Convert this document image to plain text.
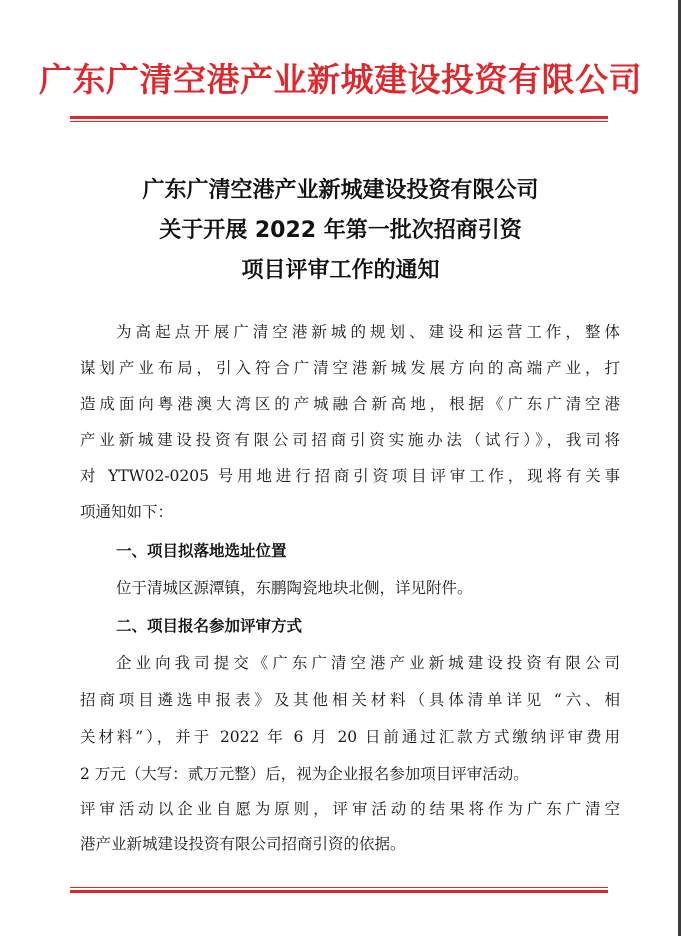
广东广清空港产业新城建设投资有限公司
广东广清空港产业新城建设投资有限公司
关于开展 2022 年第一批次招商引资
项目评审工作的通知
为高起点开展广清空港新城的规划、建设和运营工作，整体
谋划产业布局，引入符合广清空港新城发展方向的高端产业，打
造成面向粤港澳大湾区的产城融合新高地，根据《广东广清空港
产业新城建设投资有限公司招商引资实施办法（试行）》，我司将
对 YTW02-0205 号用地进行招商引资项目评审工作，现将有关事
项通知如下：
一、项目拟落地选址位置
位于清城区源潭镇，东鹏陶瓷地块北侧，详见附件。
二、项目报名参加评审方式
企业向我司提交《广东广清空港产业新城建设投资有限公司
招商项目遴选申报表》及其他相关材料（具体清单详见 “六、相
关材料”），并于 2022 年 6 月 20 日前通过汇款方式缴纳评审费用
2 万元（大写：贰万元整）后，视为企业报名参加项目评审活动。
评审活动以企业自愿为原则，评审活动的结果将作为广东广清空
港产业新城建设投资有限公司招商引资的依据。
